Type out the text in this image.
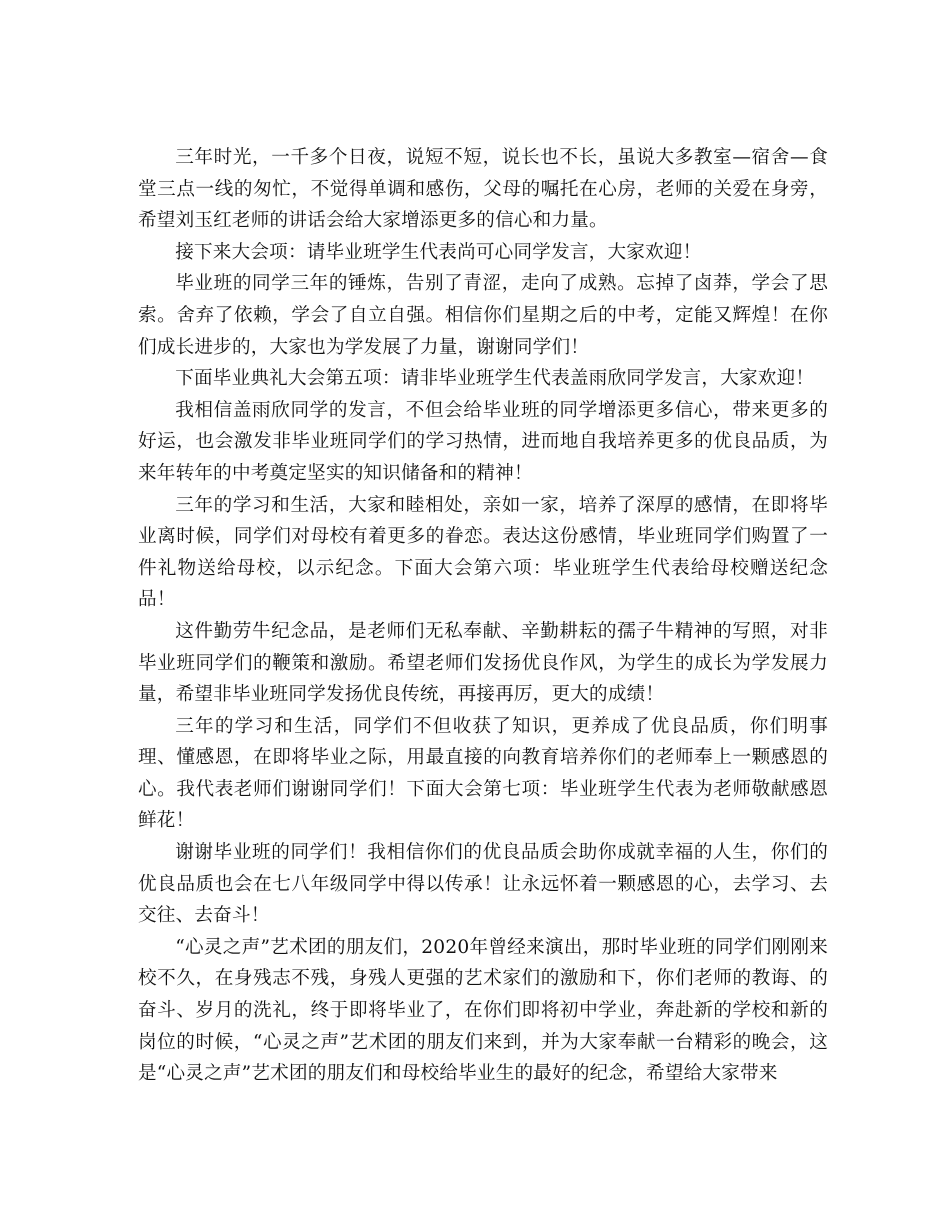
三年时光，一千多个日夜，说短不短，说长也不长，虽说大多教室—宿舍—食堂三点一线的匆忙，不觉得单调和感伤，父母的嘱托在心房，老师的关爱在身旁，希望刘玉红老师的讲话会给大家增添更多的信心和力量。

接下来大会项：请毕业班学生代表尚可心同学发言，大家欢迎！

毕业班的同学三年的锤炼，告别了青涩，走向了成熟。忘掉了卤莽，学会了思索。舍弃了依赖，学会了自立自强。相信你们星期之后的中考，定能又辉煌！在你们成长进步的，大家也为学发展了力量，谢谢同学们！

下面毕业典礼大会第五项：请非毕业班学生代表盖雨欣同学发言，大家欢迎！

我相信盖雨欣同学的发言，不但会给毕业班的同学增添更多信心，带来更多的好运，也会激发非毕业班同学们的学习热情，进而地自我培养更多的优良品质，为来年转年的中考奠定坚实的知识储备和的精神！

三年的学习和生活，大家和睦相处，亲如一家，培养了深厚的感情，在即将毕业离时候，同学们对母校有着更多的眷恋。表达这份感情，毕业班同学们购置了一件礼物送给母校，以示纪念。下面大会第六项：毕业班学生代表给母校赠送纪念品！

这件勤劳牛纪念品，是老师们无私奉献、辛勤耕耘的孺子牛精神的写照，对非毕业班同学们的鞭策和激励。希望老师们发扬优良作风，为学生的成长为学发展力量，希望非毕业班同学发扬优良传统，再接再厉，更大的成绩！

三年的学习和生活，同学们不但收获了知识，更养成了优良品质，你们明事理、懂感恩，在即将毕业之际，用最直接的向教育培养你们的老师奉上一颗感恩的心。我代表老师们谢谢同学们！下面大会第七项：毕业班学生代表为老师敬献感恩鲜花！

谢谢毕业班的同学们！我相信你们的优良品质会助你成就幸福的人生，你们的优良品质也会在七八年级同学中得以传承！让永远怀着一颗感恩的心，去学习、去交往、去奋斗！

“心灵之声”艺术团的朋友们，2020年曾经来演出，那时毕业班的同学们刚刚来校不久，在身残志不残，身残人更强的艺术家们的激励和下，你们老师的教诲、的奋斗、岁月的洗礼，终于即将毕业了，在你们即将初中学业，奔赴新的学校和新的岗位的时候，“心灵之声”艺术团的朋友们来到，并为大家奉献一台精彩的晚会，这是“心灵之声”艺术团的朋友们和母校给毕业生的最好的纪念，希望给大家带来
